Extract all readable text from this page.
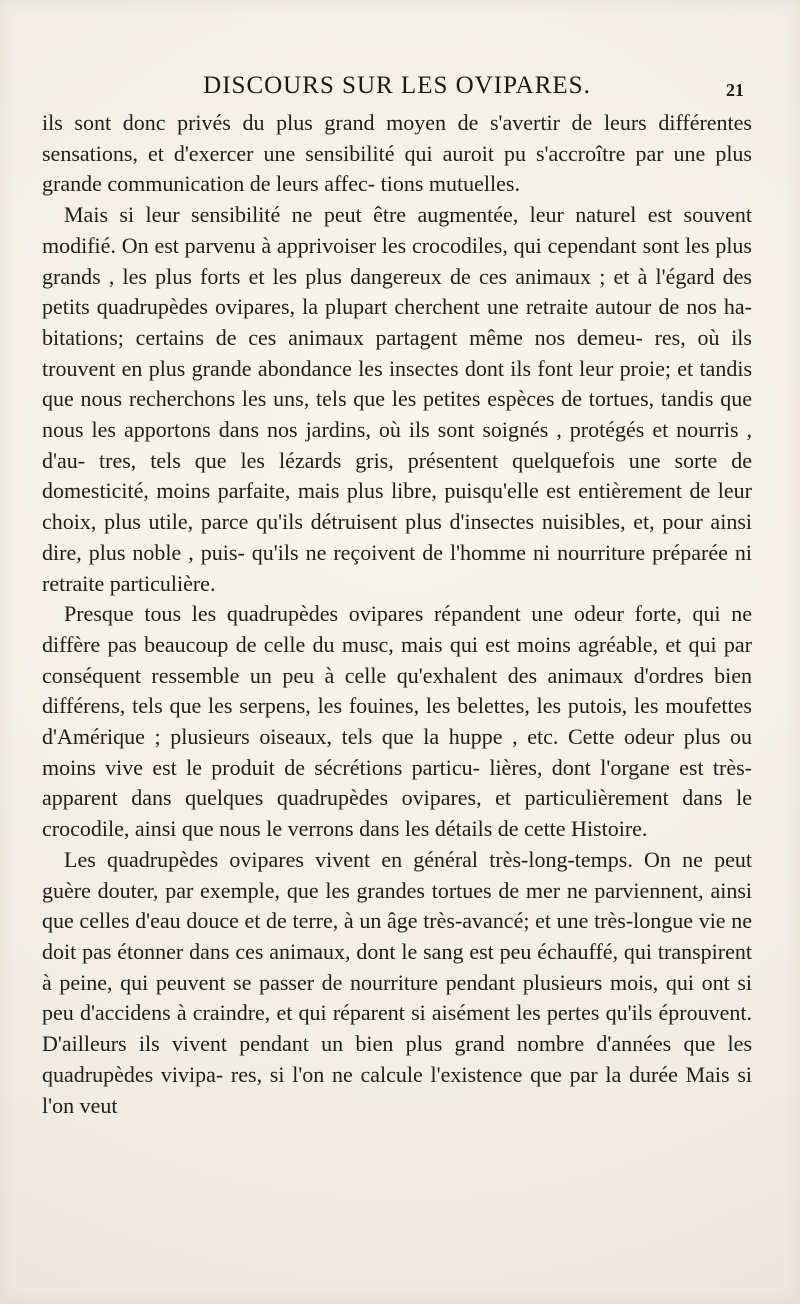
DISCOURS SUR LES OVIPARES.	21

ils sont donc privés du plus grand moyen de s'avertir de leurs différentes sensations, et d'exercer une sensibilité qui auroit pu s'accroître par une plus grande communication de leurs affec- tions mutuelles.

Mais si leur sensibilité ne peut être augmentée, leur naturel est souvent modifié. On est parvenu à apprivoiser les crocodiles, qui cependant sont les plus grands , les plus forts et les plus dangereux de ces animaux ; et à l'égard des petits quadrupèdes ovipares, la plupart cherchent une retraite autour de nos ha- bitations; certains de ces animaux partagent même nos demeu- res, où ils trouvent en plus grande abondance les insectes dont ils font leur proie; et tandis que nous recherchons les uns, tels que les petites espèces de tortues, tandis que nous les apportons dans nos jardins, où ils sont soignés , protégés et nourris , d'au- tres, tels que les lézards gris, présentent quelquefois une sorte de domesticité, moins parfaite, mais plus libre, puisqu'elle est entièrement de leur choix, plus utile, parce qu'ils détruisent plus d'insectes nuisibles, et, pour ainsi dire, plus noble , puis- qu'ils ne reçoivent de l'homme ni nourriture préparée ni retraite particulière.

Presque tous les quadrupèdes ovipares répandent une odeur forte, qui ne diffère pas beaucoup de celle du musc, mais qui est moins agréable, et qui par conséquent ressemble un peu à celle qu'exhalent des animaux d'ordres bien différens, tels que les serpens, les fouines, les belettes, les putois, les moufettes d'Amérique ; plusieurs oiseaux, tels que la huppe , etc. Cette odeur plus ou moins vive est le produit de sécrétions particu- lières, dont l'organe est très-apparent dans quelques quadrupèdes ovipares, et particulièrement dans le crocodile, ainsi que nous le verrons dans les détails de cette Histoire.

Les quadrupèdes ovipares vivent en général très-long-temps. On ne peut guère douter, par exemple, que les grandes tortues de mer ne parviennent, ainsi que celles d'eau douce et de terre, à un âge très-avancé; et une très-longue vie ne doit pas étonner dans ces animaux, dont le sang est peu échauffé, qui transpirent à peine, qui peuvent se passer de nourriture pendant plusieurs mois, qui ont si peu d'accidens à craindre, et qui réparent si aisément les pertes qu'ils éprouvent. D'ailleurs ils vivent pendant un bien plus grand nombre d'années que les quadrupèdes vivipa- res, si l'on ne calcule l'existence que par la durée Mais si l'on veut
